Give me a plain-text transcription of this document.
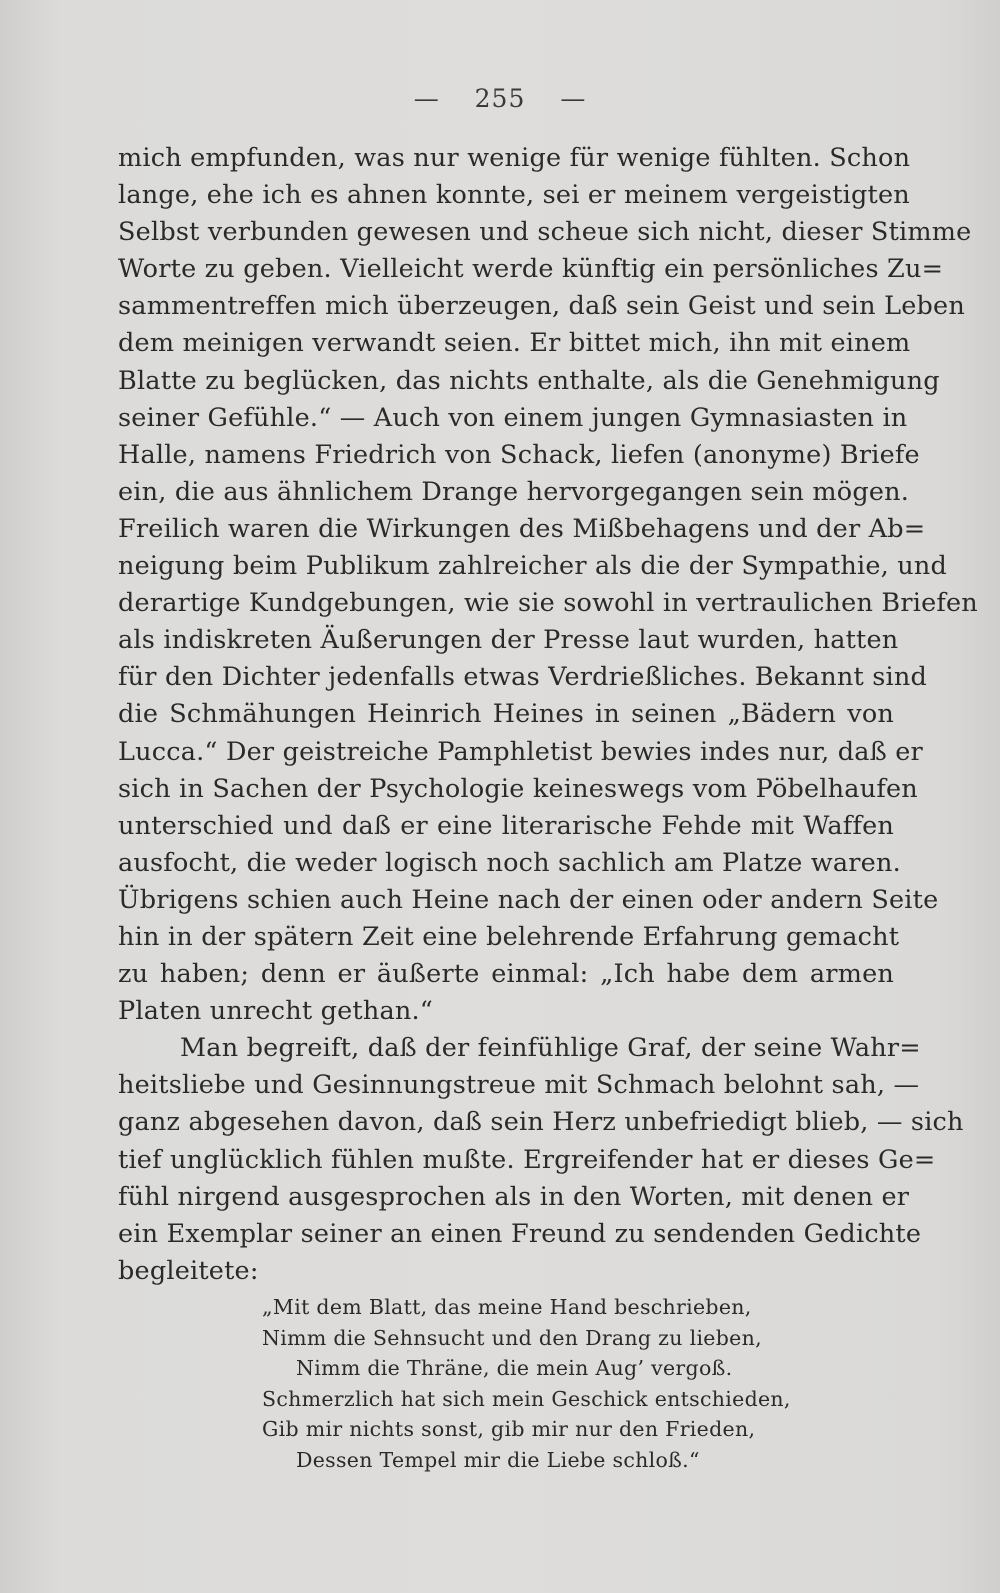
— 255 —
mich empfunden, was nur wenige für wenige fühlten. Schon
lange, ehe ich es ahnen konnte, sei er meinem vergeistigten
Selbst verbunden gewesen und scheue sich nicht, dieser Stimme
Worte zu geben. Vielleicht werde künftig ein persönliches Zu=
sammentreffen mich überzeugen, daß sein Geist und sein Leben
dem meinigen verwandt seien. Er bittet mich, ihn mit einem
Blatte zu beglücken, das nichts enthalte, als die Genehmigung
seiner Gefühle.“ — Auch von einem jungen Gymnasiasten in
Halle, namens Friedrich von Schack, liefen (anonyme) Briefe
ein, die aus ähnlichem Drange hervorgegangen sein mögen.
Freilich waren die Wirkungen des Mißbehagens und der Ab=
neigung beim Publikum zahlreicher als die der Sympathie, und
derartige Kundgebungen, wie sie sowohl in vertraulichen Briefen
als indiskreten Äußerungen der Presse laut wurden, hatten
für den Dichter jedenfalls etwas Verdrießliches. Bekannt sind
die Schmähungen Heinrich Heines in seinen „Bädern von
Lucca.“ Der geistreiche Pamphletist bewies indes nur, daß er
sich in Sachen der Psychologie keineswegs vom Pöbelhaufen
unterschied und daß er eine literarische Fehde mit Waffen
ausfocht, die weder logisch noch sachlich am Platze waren.
Übrigens schien auch Heine nach der einen oder andern Seite
hin in der spätern Zeit eine belehrende Erfahrung gemacht
zu haben; denn er äußerte einmal: „Ich habe dem armen
Platen unrecht gethan.“
Man begreift, daß der feinfühlige Graf, der seine Wahr=
heitsliebe und Gesinnungstreue mit Schmach belohnt sah, —
ganz abgesehen davon, daß sein Herz unbefriedigt blieb, — sich
tief unglücklich fühlen mußte. Ergreifender hat er dieses Ge=
fühl nirgend ausgesprochen als in den Worten, mit denen er
ein Exemplar seiner an einen Freund zu sendenden Gedichte
begleitete:
„Mit dem Blatt, das meine Hand beschrieben,
Nimm die Sehnsucht und den Drang zu lieben,
Nimm die Thräne, die mein Aug’ vergoß.
Schmerzlich hat sich mein Geschick entschieden,
Gib mir nichts sonst, gib mir nur den Frieden,
Dessen Tempel mir die Liebe schloß.“
